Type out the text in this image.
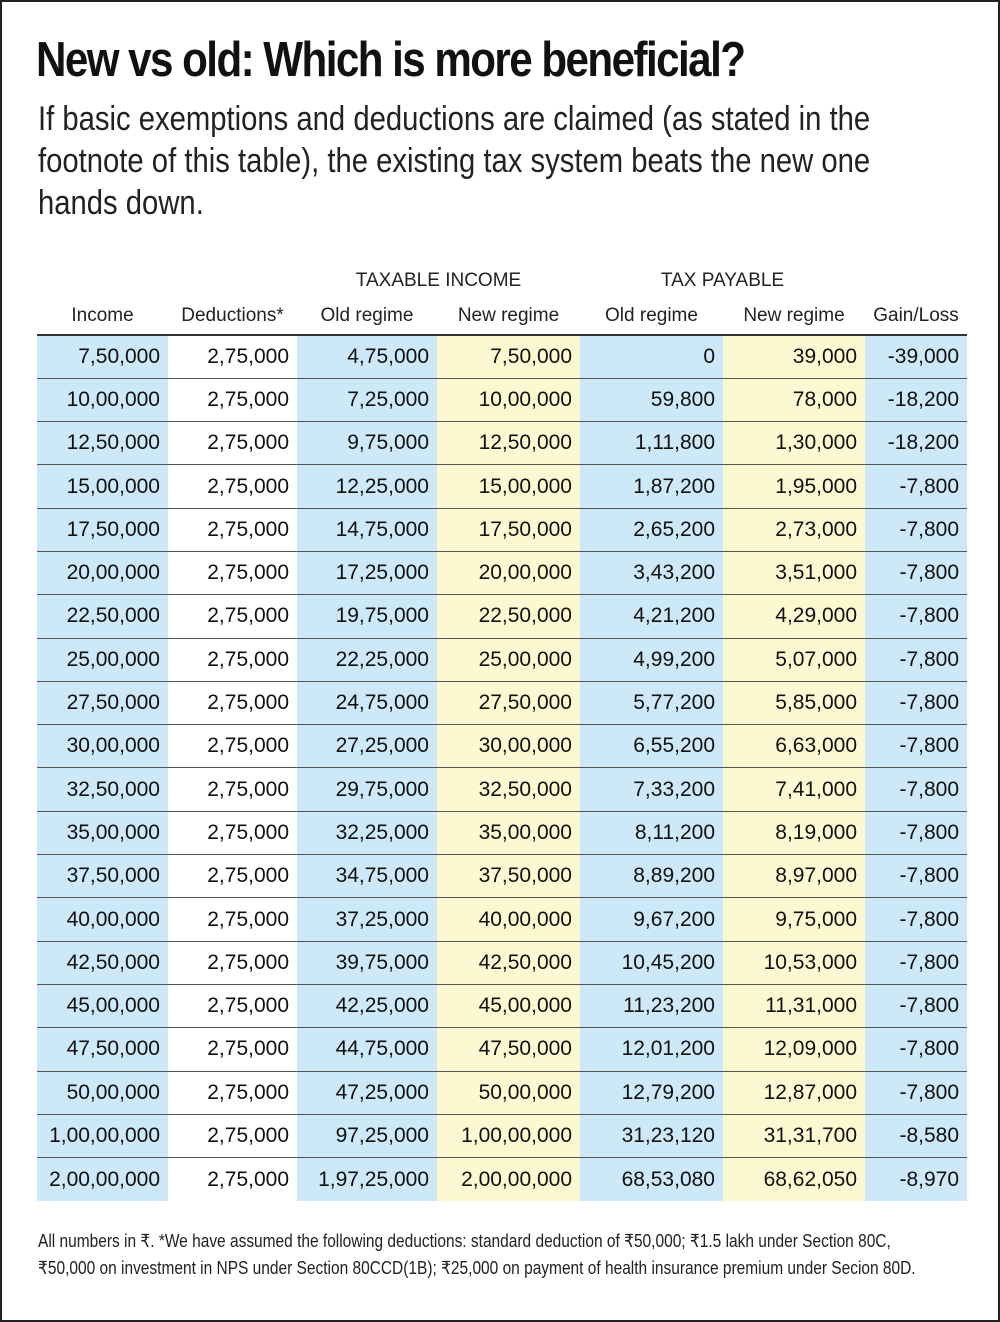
New vs old: Which is more beneficial?

If basic exemptions and deductions are claimed (as stated in the footnote of this table), the existing tax system beats the new one hands down.

		TAXABLE INCOME		TAX PAYABLE		
Income	Deductions*	Old regime	New regime	Old regime	New regime	Gain/Loss
7,50,000	2,75,000	4,75,000	7,50,000	0	39,000	-39,000
10,00,000	2,75,000	7,25,000	10,00,000	59,800	78,000	-18,200
12,50,000	2,75,000	9,75,000	12,50,000	1,11,800	1,30,000	-18,200
15,00,000	2,75,000	12,25,000	15,00,000	1,87,200	1,95,000	-7,800
17,50,000	2,75,000	14,75,000	17,50,000	2,65,200	2,73,000	-7,800
20,00,000	2,75,000	17,25,000	20,00,000	3,43,200	3,51,000	-7,800
22,50,000	2,75,000	19,75,000	22,50,000	4,21,200	4,29,000	-7,800
25,00,000	2,75,000	22,25,000	25,00,000	4,99,200	5,07,000	-7,800
27,50,000	2,75,000	24,75,000	27,50,000	5,77,200	5,85,000	-7,800
30,00,000	2,75,000	27,25,000	30,00,000	6,55,200	6,63,000	-7,800
32,50,000	2,75,000	29,75,000	32,50,000	7,33,200	7,41,000	-7,800
35,00,000	2,75,000	32,25,000	35,00,000	8,11,200	8,19,000	-7,800
37,50,000	2,75,000	34,75,000	37,50,000	8,89,200	8,97,000	-7,800
40,00,000	2,75,000	37,25,000	40,00,000	9,67,200	9,75,000	-7,800
42,50,000	2,75,000	39,75,000	42,50,000	10,45,200	10,53,000	-7,800
45,00,000	2,75,000	42,25,000	45,00,000	11,23,200	11,31,000	-7,800
47,50,000	2,75,000	44,75,000	47,50,000	12,01,200	12,09,000	-7,800
50,00,000	2,75,000	47,25,000	50,00,000	12,79,200	12,87,000	-7,800
1,00,00,000	2,75,000	97,25,000	1,00,00,000	31,23,120	31,31,700	-8,580
2,00,00,000	2,75,000	1,97,25,000	2,00,00,000	68,53,080	68,62,050	-8,970

All numbers in ₹. *We have assumed the following deductions: standard deduction of ₹50,000; ₹1.5 lakh under Section 80C, ₹50,000 on investment in NPS under Section 80CCD(1B); ₹25,000 on payment of health insurance premium under Secion 80D.
